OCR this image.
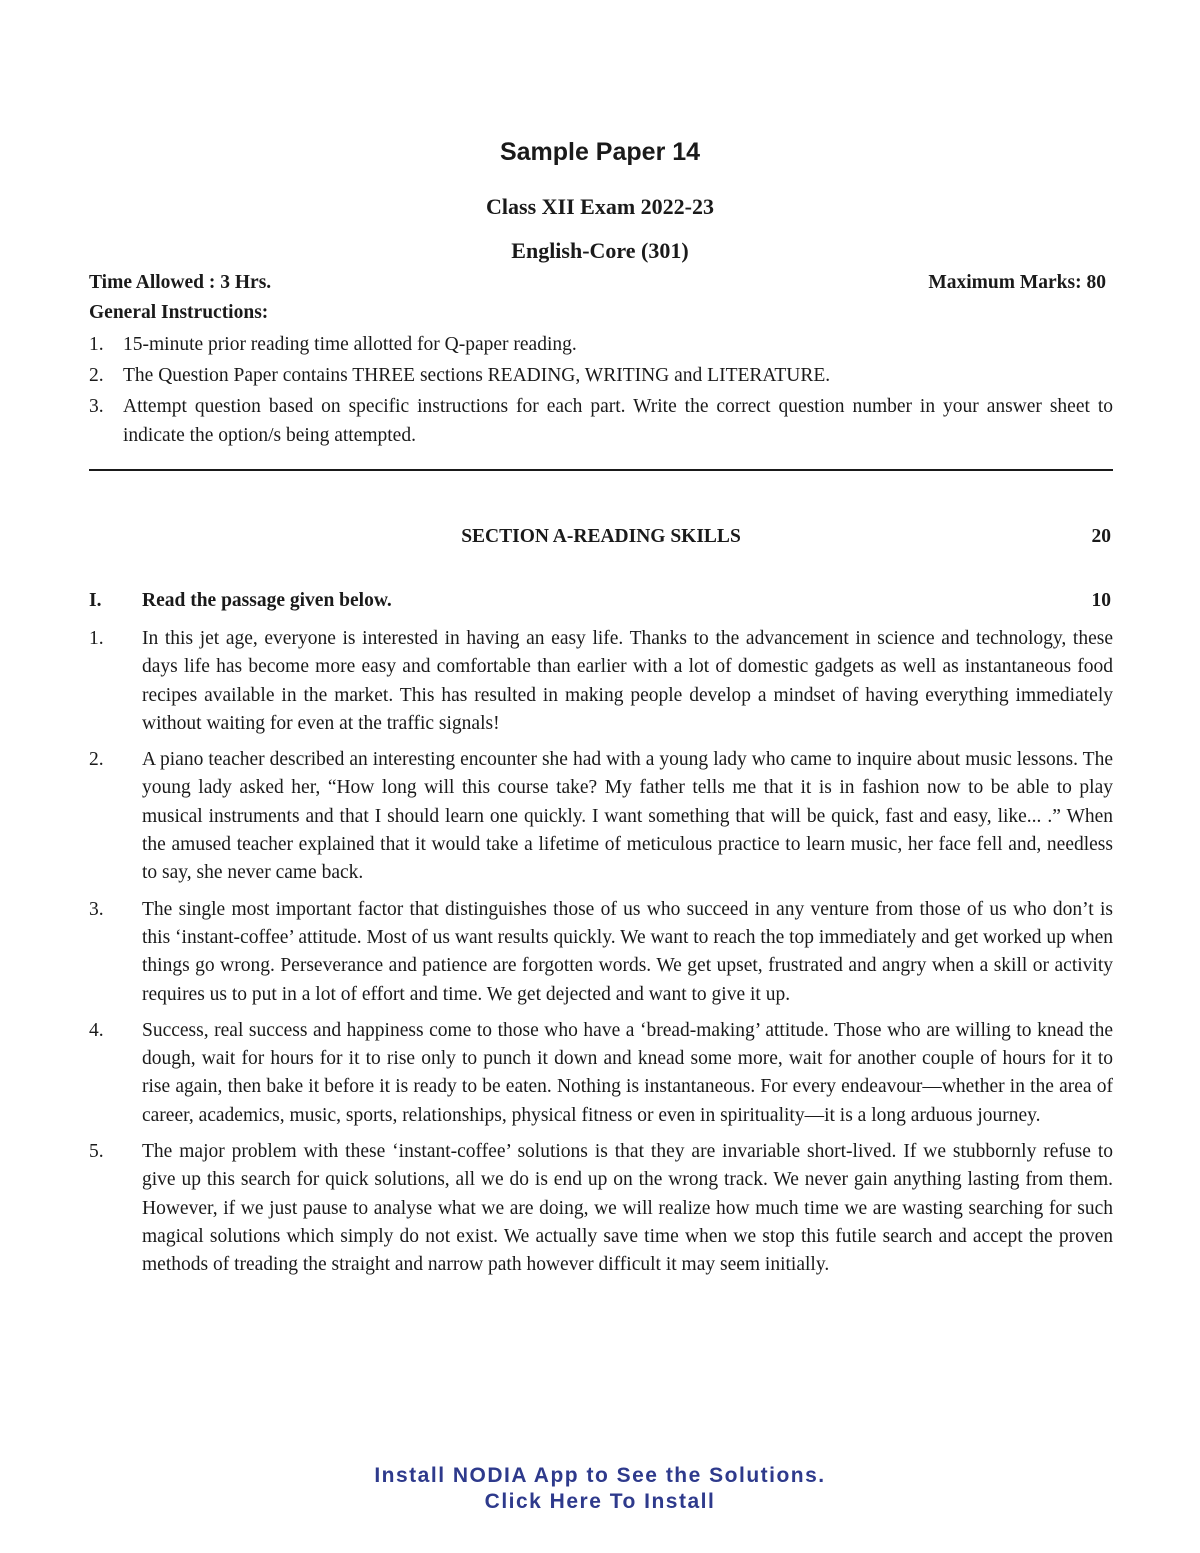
Sample Paper 14
Class XII Exam 2022-23
English-Core (301)
Time Allowed : 3 Hrs.	Maximum Marks: 80
General Instructions:
1. 15-minute prior reading time allotted for Q-paper reading.
2. The Question Paper contains THREE sections READING, WRITING and LITERATURE.
3. Attempt question based on specific instructions for each part. Write the correct question number in your answer sheet to indicate the option/s being attempted.
SECTION A-READING SKILLS	20
I. Read the passage given below.	10
1. In this jet age, everyone is interested in having an easy life. Thanks to the advancement in science and technology, these days life has become more easy and comfortable than earlier with a lot of domestic gadgets as well as instantaneous food recipes available in the market. This has resulted in making people develop a mindset of having everything immediately without waiting for even at the traffic signals!
2. A piano teacher described an interesting encounter she had with a young lady who came to inquire about music lessons. The young lady asked her, “How long will this course take? My father tells me that it is in fashion now to be able to play musical instruments and that I should learn one quickly. I want something that will be quick, fast and easy, like... .” When the amused teacher explained that it would take a lifetime of meticulous practice to learn music, her face fell and, needless to say, she never came back.
3. The single most important factor that distinguishes those of us who succeed in any venture from those of us who don’t is this ‘instant-coffee’ attitude. Most of us want results quickly. We want to reach the top immediately and get worked up when things go wrong. Perseverance and patience are forgotten words. We get upset, frustrated and angry when a skill or activity requires us to put in a lot of effort and time. We get dejected and want to give it up.
4. Success, real success and happiness come to those who have a ‘bread-making’ attitude. Those who are willing to knead the dough, wait for hours for it to rise only to punch it down and knead some more, wait for another couple of hours for it to rise again, then bake it before it is ready to be eaten. Nothing is instantaneous. For every endeavour—whether in the area of career, academics, music, sports, relationships, physical fitness or even in spirituality—it is a long arduous journey.
5. The major problem with these ‘instant-coffee’ solutions is that they are invariable short-lived. If we stubbornly refuse to give up this search for quick solutions, all we do is end up on the wrong track. We never gain anything lasting from them. However, if we just pause to analyse what we are doing, we will realize how much time we are wasting searching for such magical solutions which simply do not exist. We actually save time when we stop this futile search and accept the proven methods of treading the straight and narrow path however difficult it may seem initially.
Install NODIA App to See the Solutions.
Click Here To Install
